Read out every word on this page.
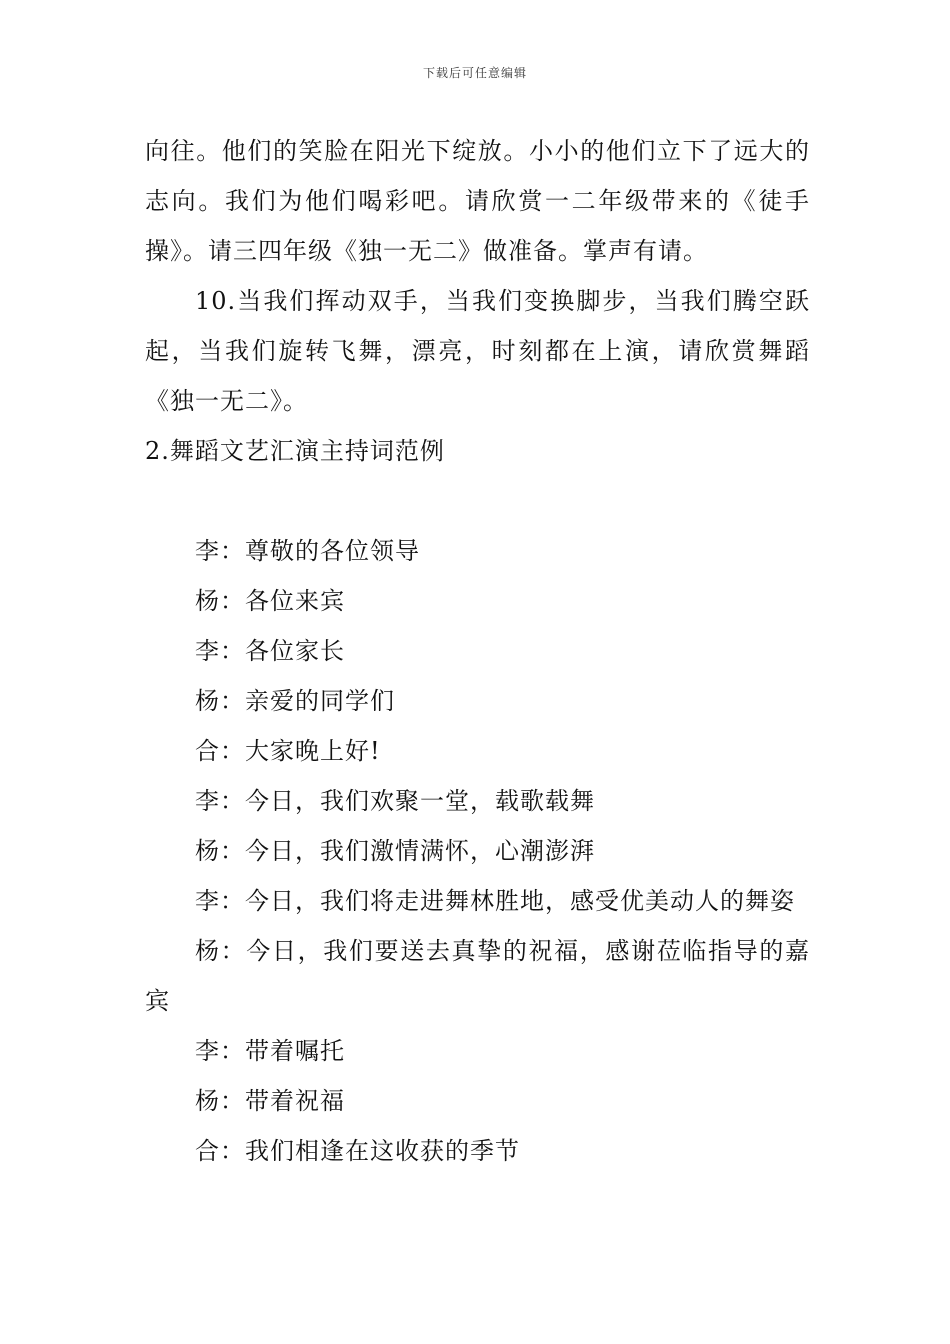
下载后可任意编辑

向往。他们的笑脸在阳光下绽放。小小的他们立下了远大的志向。我们为他们喝彩吧。请欣赏一二年级带来的《徒手操》。请三四年级《独一无二》做准备。掌声有请。

10.当我们挥动双手，当我们变换脚步，当我们腾空跃起，当我们旋转飞舞，漂亮，时刻都在上演，请欣赏舞蹈《独一无二》。

2.舞蹈文艺汇演主持词范例

李：尊敬的各位领导

杨：各位来宾

李：各位家长

杨：亲爱的同学们

合：大家晚上好!

李：今日，我们欢聚一堂，载歌载舞

杨：今日，我们激情满怀，心潮澎湃

李：今日，我们将走进舞林胜地，感受优美动人的舞姿

杨：今日，我们要送去真挚的祝福，感谢莅临指导的嘉宾

李：带着嘱托

杨：带着祝福

合：我们相逢在这收获的季节
